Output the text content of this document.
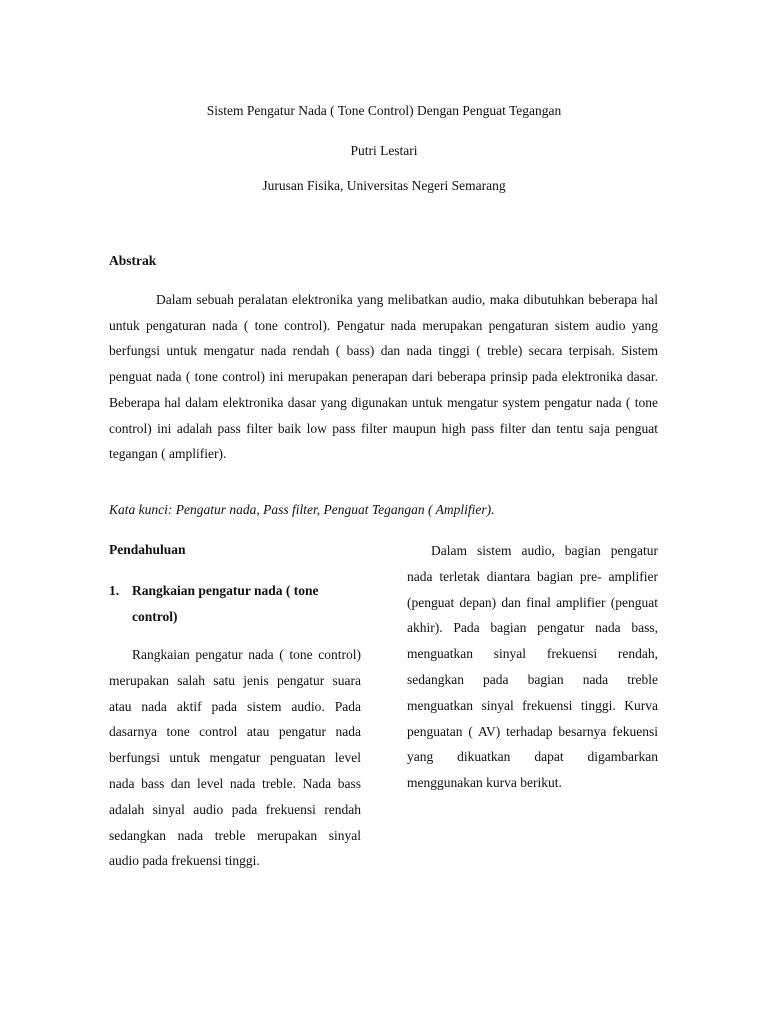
Sistem Pengatur Nada ( Tone Control) Dengan Penguat Tegangan
Putri Lestari
Jurusan Fisika, Universitas Negeri Semarang
Abstrak

Dalam sebuah peralatan elektronika yang melibatkan audio, maka dibutuhkan beberapa hal untuk pengaturan nada ( tone control). Pengatur nada merupakan pengaturan sistem audio yang berfungsi untuk mengatur nada rendah ( bass) dan nada tinggi ( treble) secara terpisah. Sistem penguat nada ( tone control) ini merupakan penerapan dari beberapa prinsip pada elektronika dasar. Beberapa hal dalam elektronika dasar yang digunakan untuk mengatur system pengatur nada ( tone control) ini adalah pass filter baik low pass filter maupun high pass filter dan tentu saja penguat tegangan ( amplifier).

Kata kunci: Pengatur nada, Pass filter, Penguat Tegangan ( Amplifier).

Pendahuluan

1. Rangkaian pengatur nada ( tone control)

Rangkaian pengatur nada ( tone control) merupakan salah satu jenis pengatur suara atau nada aktif pada sistem audio. Pada dasarnya tone control atau pengatur nada berfungsi untuk mengatur penguatan level nada bass dan level nada treble. Nada bass adalah sinyal audio pada frekuensi rendah sedangkan nada treble merupakan sinyal audio pada frekuensi tinggi.

Dalam sistem audio, bagian pengatur nada terletak diantara bagian pre- amplifier (penguat depan) dan final amplifier (penguat akhir). Pada bagian pengatur nada bass, menguatkan sinyal frekuensi rendah, sedangkan pada bagian nada treble menguatkan sinyal frekuensi tinggi. Kurva penguatan ( AV) terhadap besarnya fekuensi yang dikuatkan dapat digambarkan menggunakan kurva berikut.
